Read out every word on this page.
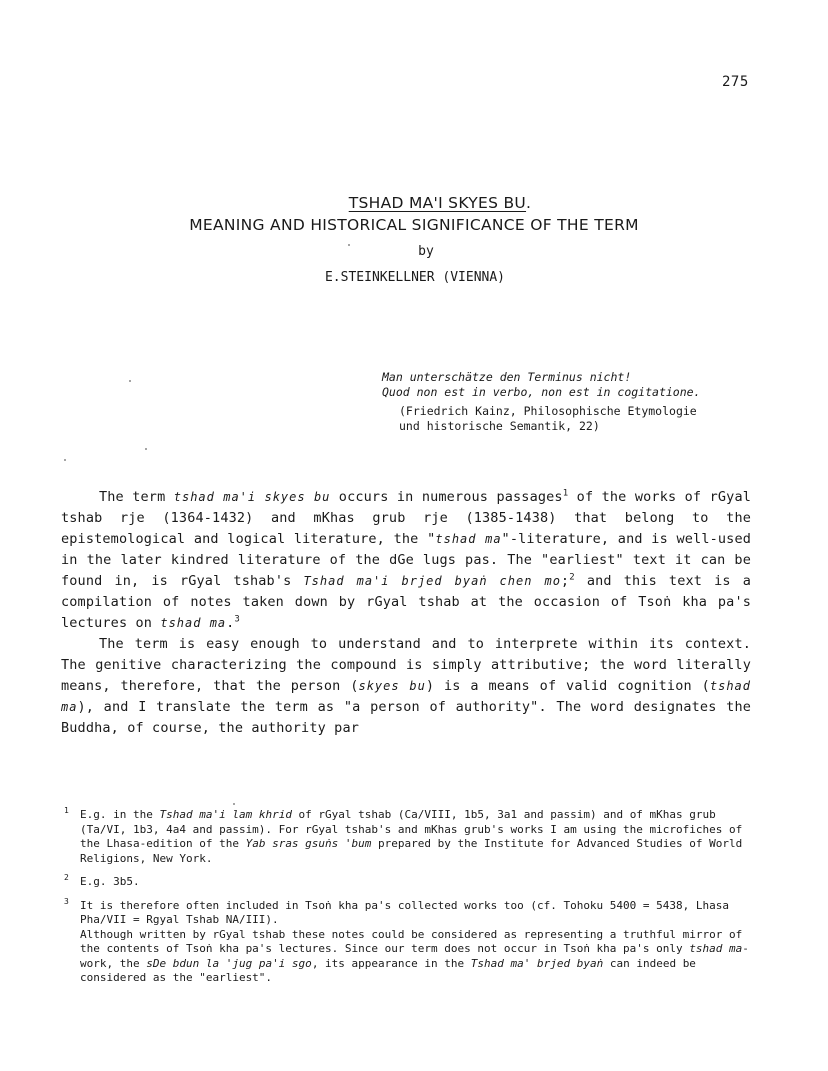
275
TSHAD MA'I SKYES BU.
MEANING AND HISTORICAL SIGNIFICANCE OF THE TERM
by
E.STEINKELLNER (VIENNA)
Man unterschätze den Terminus nicht!
Quod non est in verbo, non est in cogitatione.
(Friedrich Kainz, Philosophische Etymologie
und historische Semantik, 22)

The term tshad ma'i skyes bu occurs in numerous passages$^1$ of the works of rGyal tshab rje (1364-1432) and mKhas grub rje (1385-1438) that belong to the epistemological and logical literature, the "tshad ma"-literature, and is well-used in the later kindred literature of the dGe lugs pas. The "earliest" text it can be found in, is rGyal tshab's Tshad ma'i brjed byaṅ chen mo;$^2$ and this text is a compilation of notes taken down by rGyal tshab at the occasion of Tsoṅ kha pa's lectures on tshad ma.$^3$

The term is easy enough to understand and to interprete within its context. The genitive characterizing the compound is simply attributive; the word literally means, therefore, that the person (skyes bu) is a means of valid cognition (tshad ma), and I translate the term as "a person of authority". The word designates the Buddha, of course, the authority par

1 E.g. in the Tshad ma'i lam khrid of rGyal tshab (Ca/VIII, 1b5, 3a1 and passim) and of mKhas grub (Ta/VI, 1b3, 4a4 and passim). For rGyal tshab's and mKhas grub's works I am using the microfiches of the Lhasa-edition of the Yab sras gsuṅs 'bum prepared by the Institute for Advanced Studies of World Religions, New York.
2 E.g. 3b5.
3 It is therefore often included in Tsoṅ kha pa's collected works too (cf. Tohoku 5400 = 5438, Lhasa Pha/VII = Rgyal Tshab NA/III).
Although written by rGyal tshab these notes could be considered as representing a truthful mirror of the contents of Tsoṅ kha pa's lectures. Since our term does not occur in Tsoṅ kha pa's only tshad ma-work, the sDe bdun la 'jug pa'i sgo, its appearance in the Tshad ma' brjed byaṅ can indeed be considered as the "earliest".
